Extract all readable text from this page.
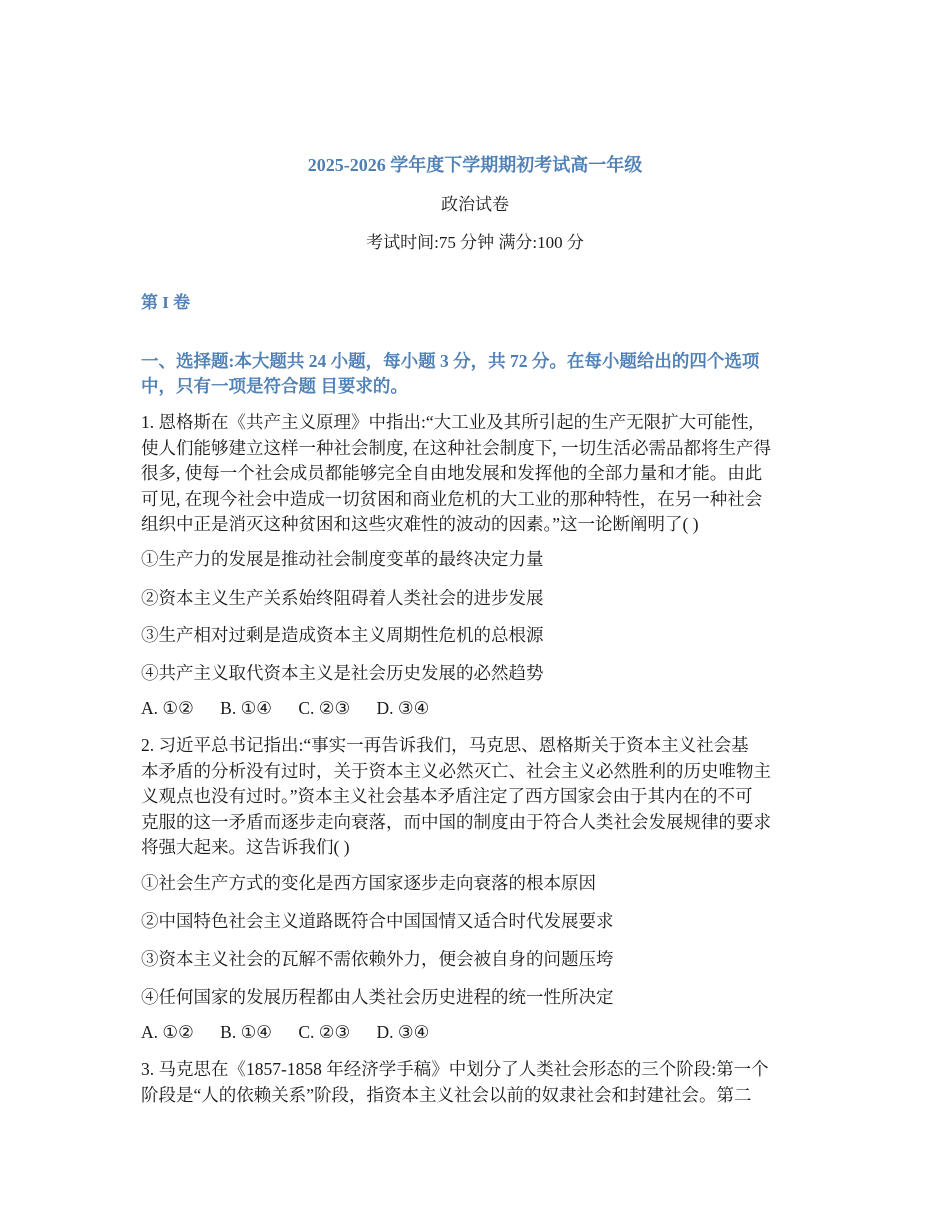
2025-2026 学年度下学期期初考试高一年级
政治试卷
考试时间:75 分钟 满分:100 分
第 I 卷
一、选择题:本大题共 24 小题，每小题 3 分，共 72 分。在每小题给出的四个选项
中，只有一项是符合题 目要求的。
1. 恩格斯在《共产主义原理》中指出:“大工业及其所引起的生产无限扩大可能性,
使人们能够建立这样一种社会制度, 在这种社会制度下, 一切生活必需品都将生产得
很多, 使每一个社会成员都能够完全自由地发展和发挥他的全部力量和才能。由此
可见, 在现今社会中造成一切贫困和商业危机的大工业的那种特性，在另一种社会
组织中正是消灭这种贫困和这些灾难性的波动的因素。”这一论断阐明了( )
①生产力的发展是推动社会制度变革的最终决定力量
②资本主义生产关系始终阻碍着人类社会的进步发展
③生产相对过剩是造成资本主义周期性危机的总根源
④共产主义取代资本主义是社会历史发展的必然趋势
A. ①② B. ①④ C. ②③ D. ③④
2. 习近平总书记指出:“事实一再告诉我们，马克思、恩格斯关于资本主义社会基
本矛盾的分析没有过时，关于资本主义必然灭亡、社会主义必然胜利的历史唯物主
义观点也没有过时。”资本主义社会基本矛盾注定了西方国家会由于其内在的不可
克服的这一矛盾而逐步走向衰落，而中国的制度由于符合人类社会发展规律的要求
将强大起来。这告诉我们( )
①社会生产方式的变化是西方国家逐步走向衰落的根本原因
②中国特色社会主义道路既符合中国国情又适合时代发展要求
③资本主义社会的瓦解不需依赖外力，便会被自身的问题压垮
④任何国家的发展历程都由人类社会历史进程的统一性所决定
A. ①② B. ①④ C. ②③ D. ③④
3. 马克思在《1857-1858 年经济学手稿》中划分了人类社会形态的三个阶段:第一个
阶段是“人的依赖关系”阶段，指资本主义社会以前的奴隶社会和封建社会。第二
